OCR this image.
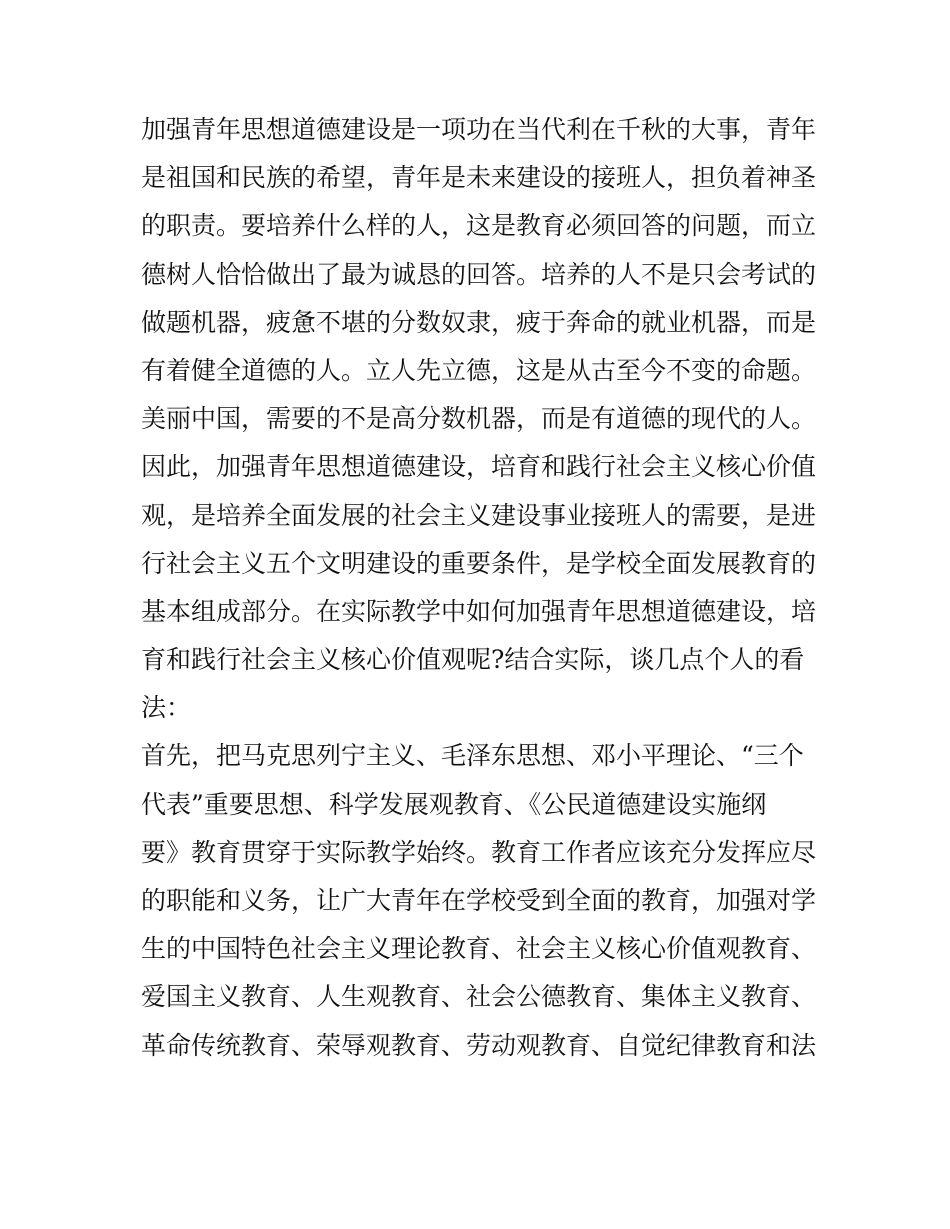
加强青年思想道德建设是一项功在当代利在千秋的大事，青年
是祖国和民族的希望，青年是未来建设的接班人，担负着神圣
的职责。要培养什么样的人，这是教育必须回答的问题，而立
德树人恰恰做出了最为诚恳的回答。培养的人不是只会考试的
做题机器，疲惫不堪的分数奴隶，疲于奔命的就业机器，而是
有着健全道德的人。立人先立德，这是从古至今不变的命题。
美丽中国，需要的不是高分数机器，而是有道德的现代的人。
因此，加强青年思想道德建设，培育和践行社会主义核心价值
观，是培养全面发展的社会主义建设事业接班人的需要，是进
行社会主义五个文明建设的重要条件，是学校全面发展教育的
基本组成部分。在实际教学中如何加强青年思想道德建设，培
育和践行社会主义核心价值观呢?结合实际，谈几点个人的看
法：
首先，把马克思列宁主义、毛泽东思想、邓小平理论、“三个
代表”重要思想、科学发展观教育、《公民道德建设实施纲
要》教育贯穿于实际教学始终。教育工作者应该充分发挥应尽
的职能和义务，让广大青年在学校受到全面的教育，加强对学
生的中国特色社会主义理论教育、社会主义核心价值观教育、
爱国主义教育、人生观教育、社会公德教育、集体主义教育、
革命传统教育、荣辱观教育、劳动观教育、自觉纪律教育和法
